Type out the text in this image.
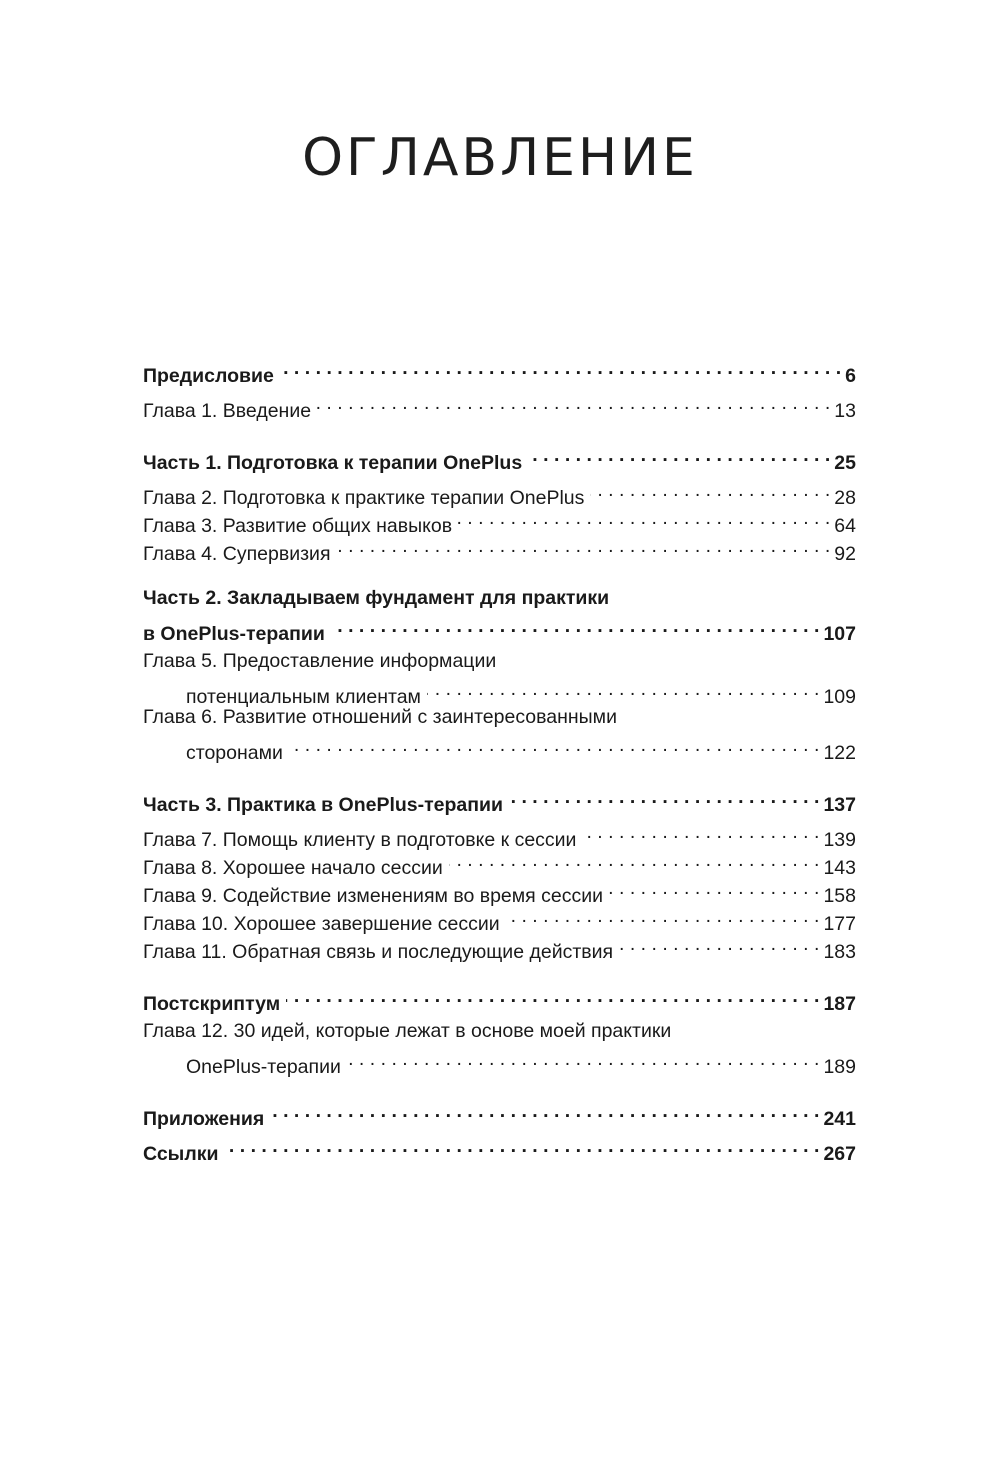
ОГЛАВЛЕНИЕ
Предисловие . . .	6
Глава 1. Введение . . .	13
Часть 1. Подготовка к терапии OnePlus . . .	25
Глава 2. Подготовка к практике терапии OnePlus . . .	28
Глава 3. Развитие общих навыков . . .	64
Глава 4. Супервизия . . .	92
Часть 2. Закладываем фундамент для практики
в OnePlus-терапии . . .	107
Глава 5. Предоставление информации
потенциальным клиентам . . .	109
Глава 6. Развитие отношений с заинтересованными
сторонами . . .	122
Часть 3. Практика в OnePlus-терапии . . .	137
Глава 7. Помощь клиенту в подготовке к сессии . . .	139
Глава 8. Хорошее начало сессии . . .	143
Глава 9. Содействие изменениям во время сессии . . .	158
Глава 10. Хорошее завершение сессии . . .	177
Глава 11. Обратная связь и последующие действия . . .	183
Постскриптум . . .	187
Глава 12. 30 идей, которые лежат в основе моей практики
OnePlus-терапии . . .	189
Приложения . . .	241
Ссылки . . .	267
